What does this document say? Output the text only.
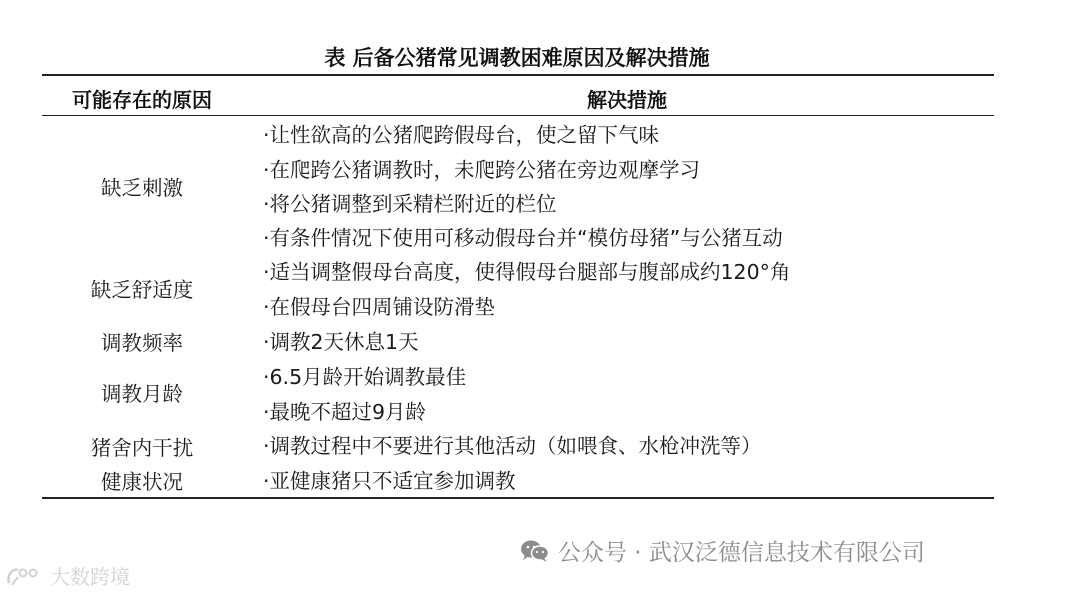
表 后备公猪常见调教困难原因及解决措施
可能存在的原因	解决措施
缺乏刺激
缺乏舒适度
调教频率
调教月龄
猪舍内干扰
健康状况
·让性欲高的公猪爬跨假母台，使之留下气味
·在爬跨公猪调教时，未爬跨公猪在旁边观摩学习
·将公猪调整到采精栏附近的栏位
·有条件情况下使用可移动假母台并“模仿母猪”与公猪互动
·适当调整假母台高度，使得假母台腿部与腹部成约120°角
·在假母台四周铺设防滑垫
·调教2天休息1天
·6.5月龄开始调教最佳
·最晚不超过9月龄
·调教过程中不要进行其他活动（如喂食、水枪冲洗等）
·亚健康猪只不适宜参加调教
公众号 · 武汉泛德信息技术有限公司
大数跨境
